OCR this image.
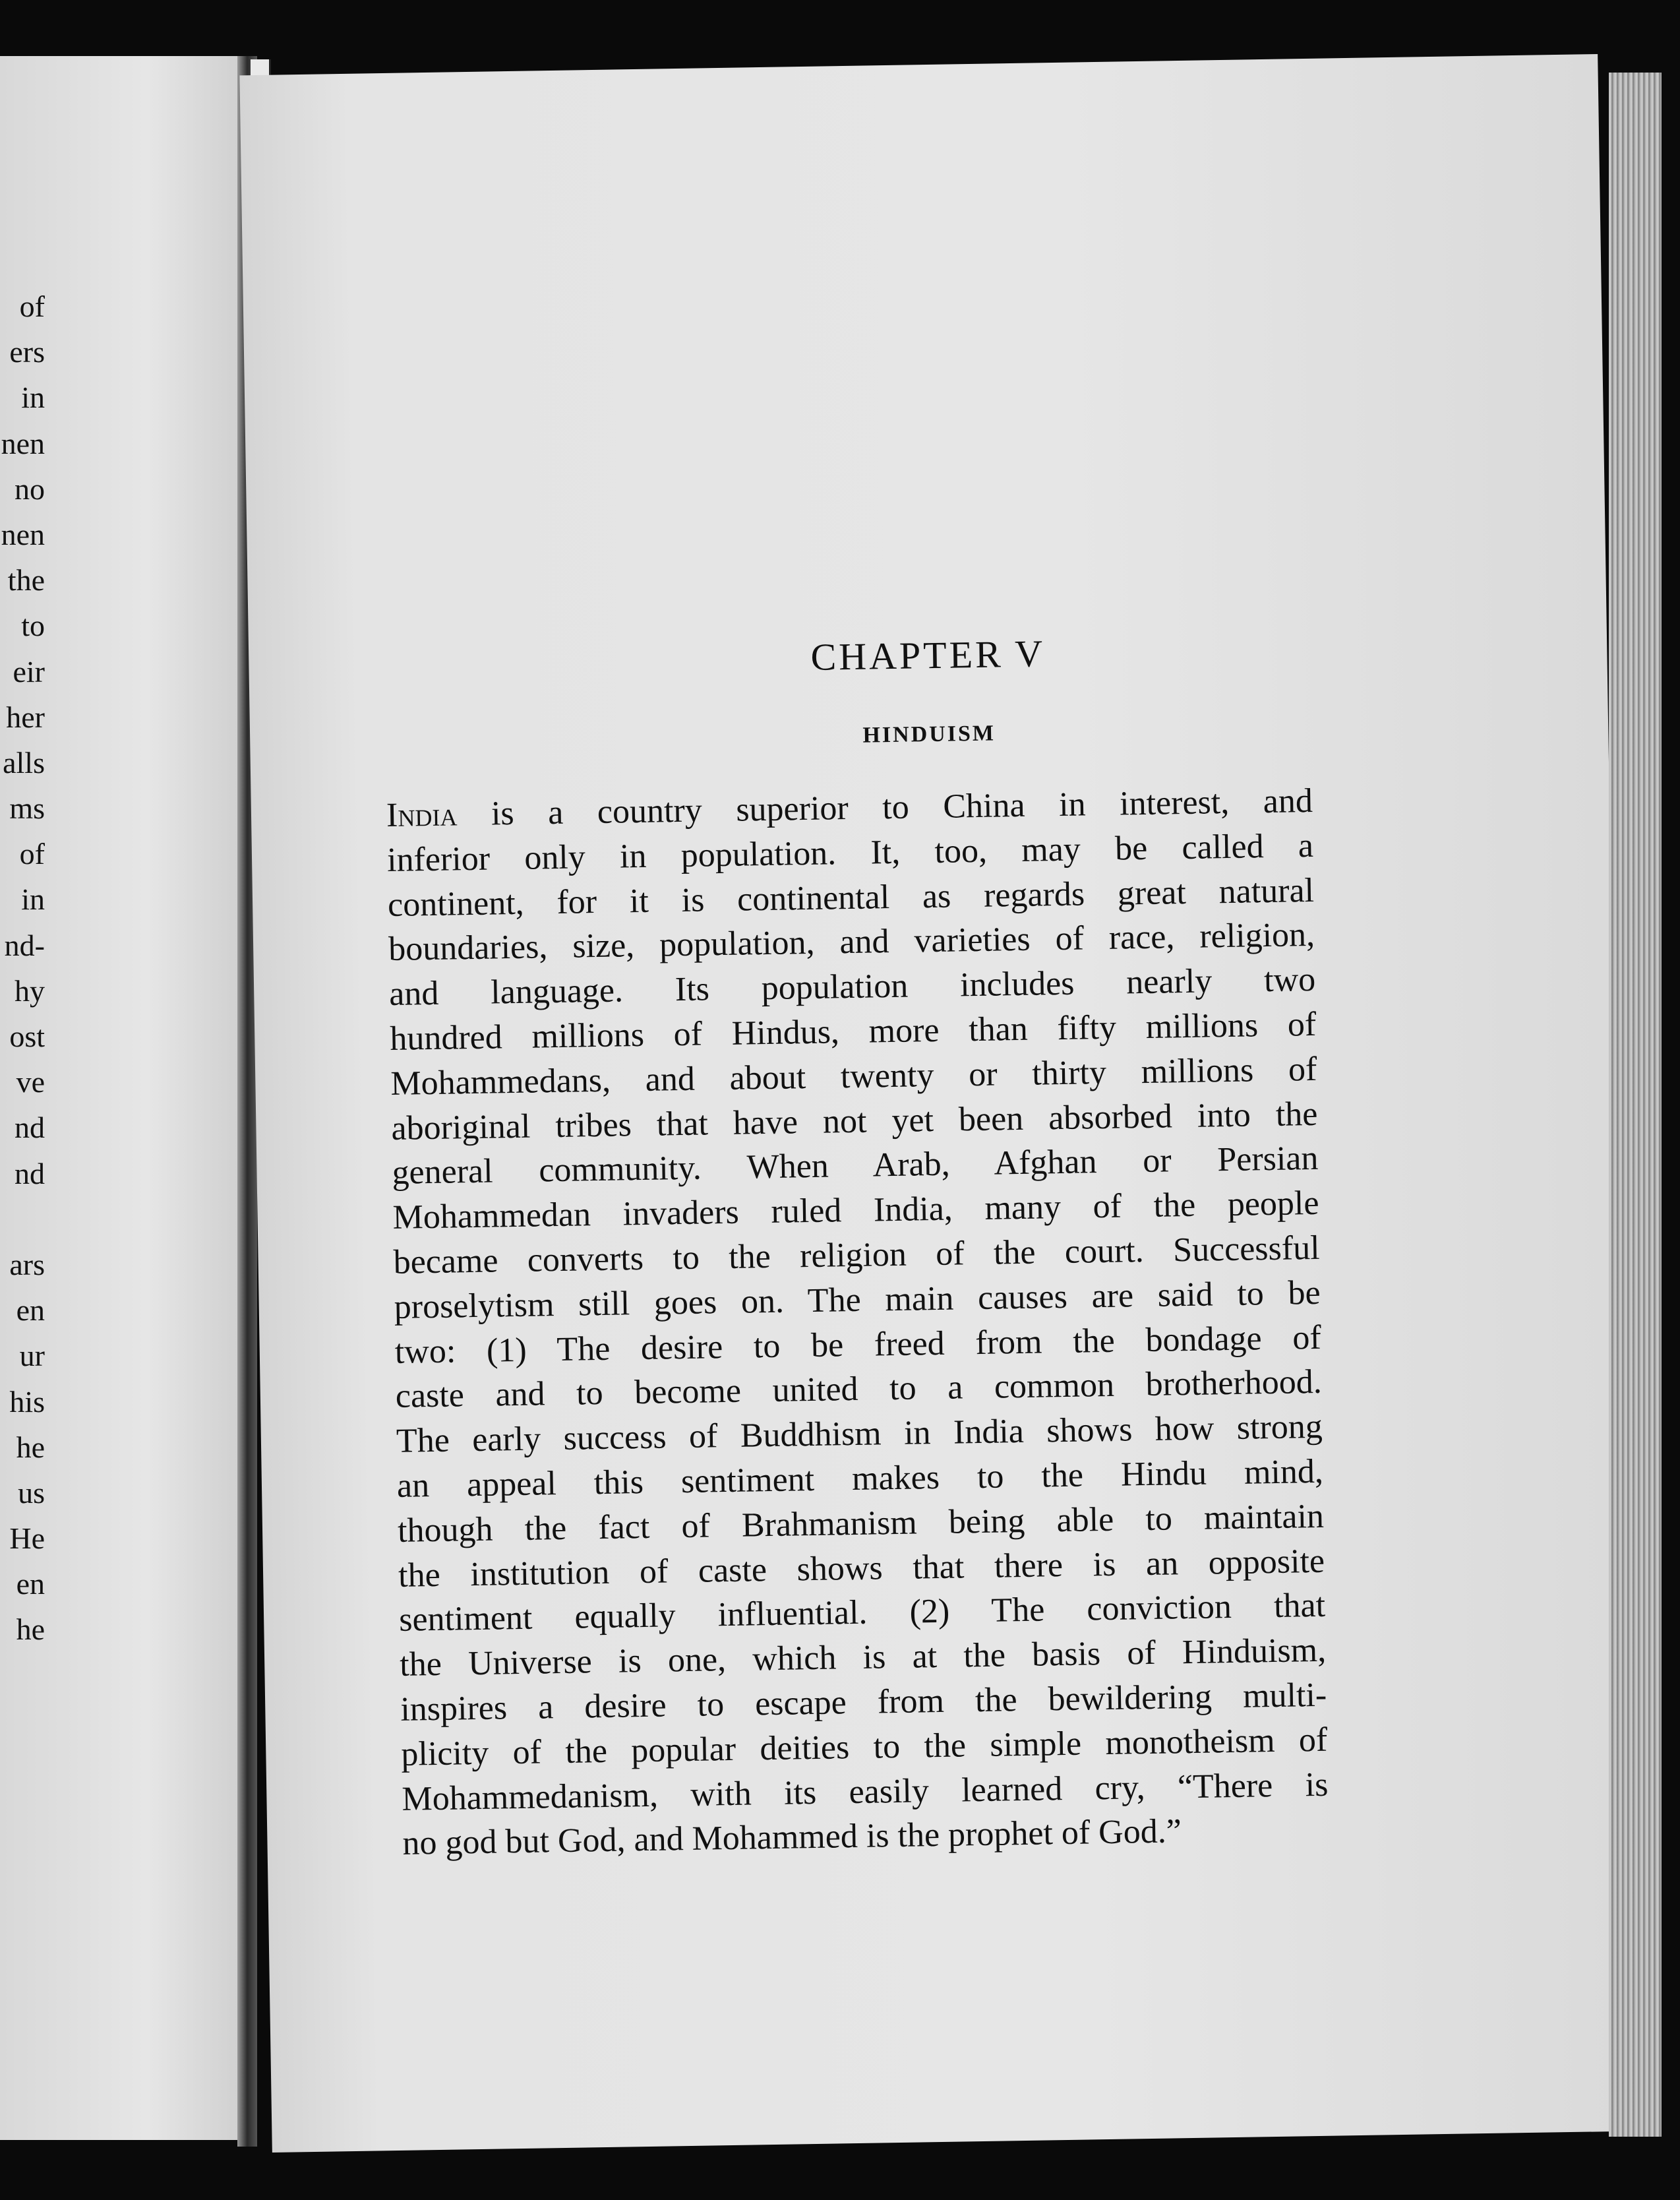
of
ers
in
nen
no
nen
the
to
eir
her
alls
ms
of
in
nd-
hy
ost
ve
nd
nd
ars
en
ur
his
he
us
He
en
he

CHAPTER V
HINDUISM
India is a country superior to China in interest, and
inferior only in population. It, too, may be called a
continent, for it is continental as regards great natural
boundaries, size, population, and varieties of race, religion,
and language. Its population includes nearly two
hundred millions of Hindus, more than fifty millions of
Mohammedans, and about twenty or thirty millions of
aboriginal tribes that have not yet been absorbed into the
general community. When Arab, Afghan or Persian
Mohammedan invaders ruled India, many of the people
became converts to the religion of the court. Successful
proselytism still goes on. The main causes are said to be
two: (1) The desire to be freed from the bondage of
caste and to become united to a common brotherhood.
The early success of Buddhism in India shows how strong
an appeal this sentiment makes to the Hindu mind,
though the fact of Brahmanism being able to maintain
the institution of caste shows that there is an opposite
sentiment equally influential. (2) The conviction that
the Universe is one, which is at the basis of Hinduism,
inspires a desire to escape from the bewildering multi-
plicity of the popular deities to the simple monotheism of
Mohammedanism, with its easily learned cry, “There is
no god but God, and Mohammed is the prophet of God.”
